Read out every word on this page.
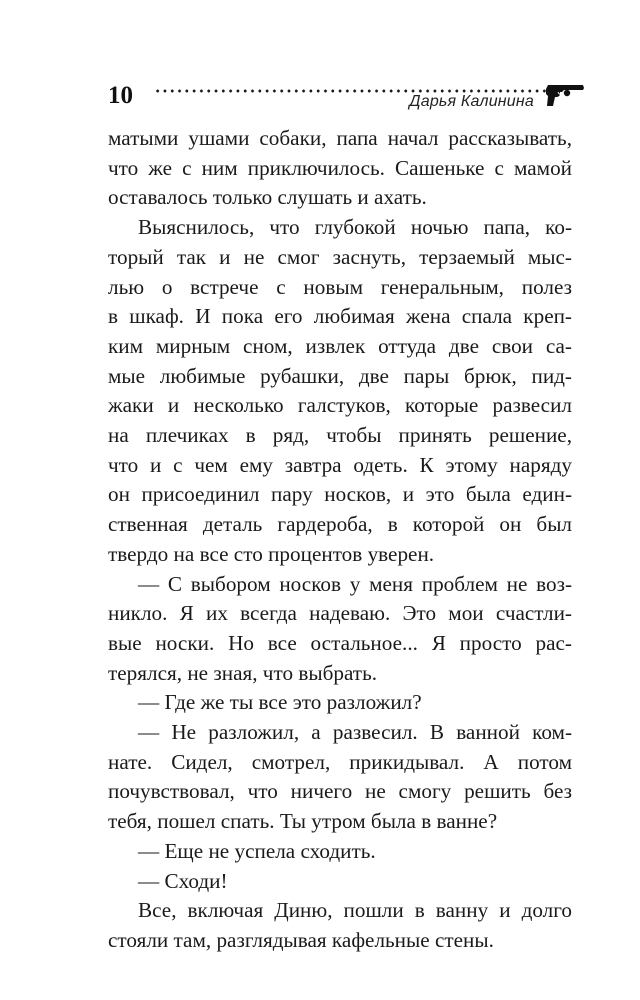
10	Дарья Калинина

матыми ушами собаки, папа начал рассказывать,

что же с ним приключилось. Сашеньке с мамой

оставалось только слушать и ахать.

Выяснилось, что глубокой ночью папа, ко-

торый так и не смог заснуть, терзаемый мыс-

лью о встрече с новым генеральным, полез

в шкаф. И пока его любимая жена спала креп-

ким мирным сном, извлек оттуда две свои са-

мые любимые рубашки, две пары брюк, пид-

жаки и несколько галстуков, которые развесил

на плечиках в ряд, чтобы принять решение,

что и с чем ему завтра одеть. К этому наряду

он присоединил пару носков, и это была един-

ственная деталь гардероба, в которой он был

твердо на все сто процентов уверен.

— С выбором носков у меня проблем не воз-

никло. Я их всегда надеваю. Это мои счастли-

вые носки. Но все остальное... Я просто рас-

терялся, не зная, что выбрать.

— Где же ты все это разложил?

— Не разложил, а развесил. В ванной ком-

нате. Сидел, смотрел, прикидывал. А потом

почувствовал, что ничего не смогу решить без

тебя, пошел спать. Ты утром была в ванне?

— Еще не успела сходить.

— Сходи!

Все, включая Диню, пошли в ванну и долго

стояли там, разглядывая кафельные стены.
